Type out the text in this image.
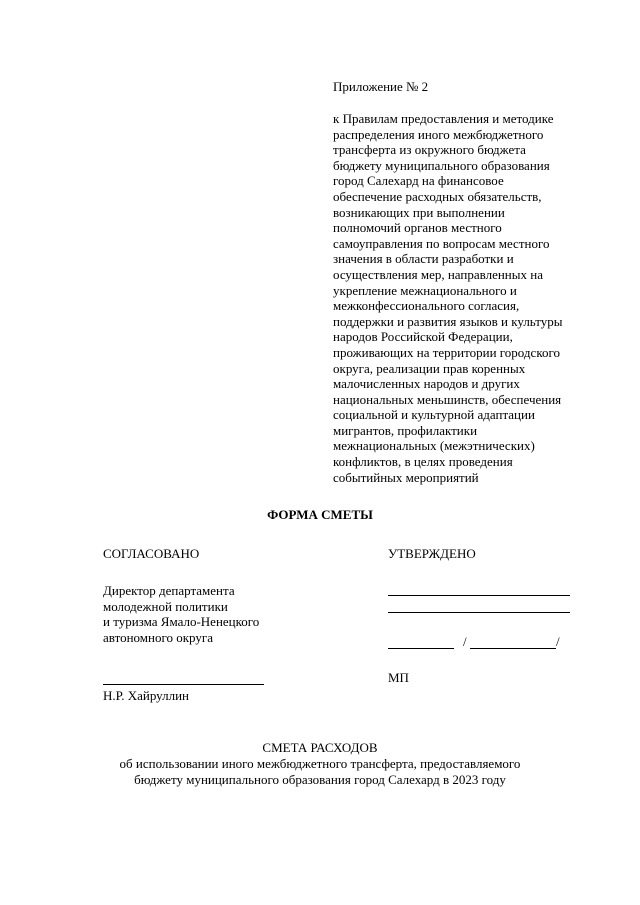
Приложение № 2
к Правилам предоставления и методике
распределения иного межбюджетного
трансферта из окружного бюджета
бюджету муниципального образования
город Салехард на финансовое
обеспечение расходных обязательств,
возникающих при выполнении
полномочий органов местного
самоуправления по вопросам местного
значения в области разработки и
осуществления мер, направленных на
укрепление межнационального и
межконфессионального согласия,
поддержки и развития языков и культуры
народов Российской Федерации,
проживающих на территории городского
округа, реализации прав коренных
малочисленных народов и других
национальных меньшинств, обеспечения
социальной и культурной адаптации
мигрантов, профилактики
межнациональных (межэтнических)
конфликтов, в целях проведения
событийных мероприятий
ФОРМА СМЕТЫ
СОГЛАСОВАНО	УТВЕРЖДЕНО
Директор департамента
молодежной политики
и туризма Ямало-Ненецкого
автономного округа	/	/
МП
Н.Р. Хайруллин
СМЕТА РАСХОДОВ
об использовании иного межбюджетного трансферта, предоставляемого
бюджету муниципального образования город Салехард в 2023 году
